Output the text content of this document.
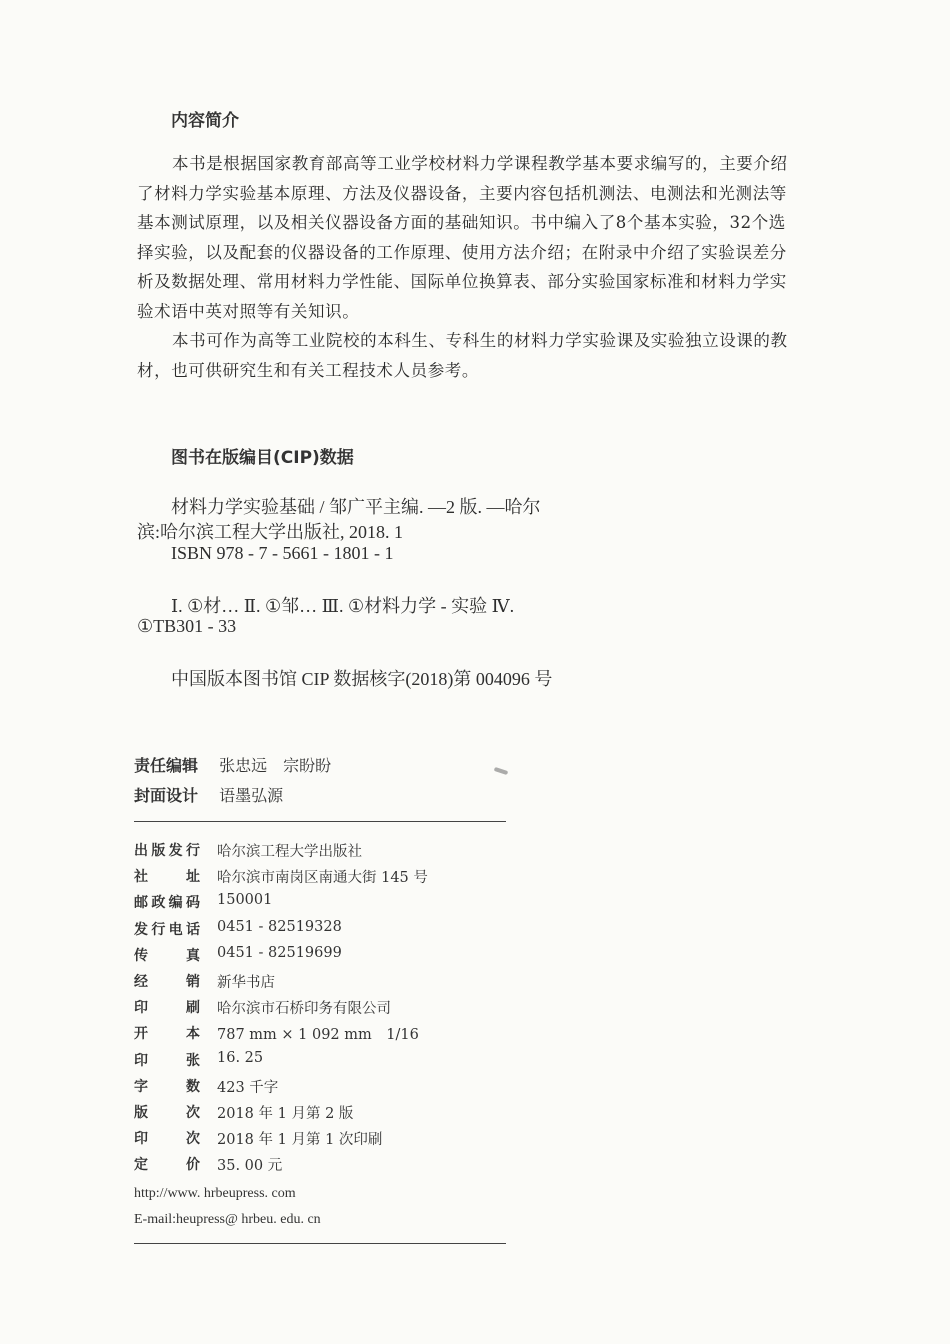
内容简介

本书是根据国家教育部高等工业学校材料力学课程教学基本要求编写的，主要介绍了材料力学实验基本原理、方法及仪器设备，主要内容包括机测法、电测法和光测法等基本测试原理，以及相关仪器设备方面的基础知识。书中编入了8个基本实验，32个选择实验，以及配套的仪器设备的工作原理、使用方法介绍；在附录中介绍了实验误差分析及数据处理、常用材料力学性能、国际单位换算表、部分实验国家标准和材料力学实验术语中英对照等有关知识。

本书可作为高等工业院校的本科生、专科生的材料力学实验课及实验独立设课的教材，也可供研究生和有关工程技术人员参考。

图书在版编目(CIP)数据
材料力学实验基础 / 邹广平主编. —2 版. —哈尔
滨:哈尔滨工程大学出版社, 2018. 1
ISBN 978 - 7 - 5661 - 1801 - 1
Ⅰ. ①材… Ⅱ. ①邹… Ⅲ. ①材料力学 - 实验 Ⅳ.
①TB301 - 33
中国版本图书馆 CIP 数据核字(2018)第 004096 号
责任编辑 张忠远　宗盼盼
封面设计 语墨弘源
出版发行 哈尔滨工程大学出版社
社址 哈尔滨市南岗区南通大街 145 号
邮政编码 150001
发行电话 0451 - 82519328
传真 0451 - 82519699
经销 新华书店
印刷 哈尔滨市石桥印务有限公司
开本 787 mm × 1 092 mm　1/16
印张 16. 25
字数 423 千字
版次 2018 年 1 月第 2 版
印次 2018 年 1 月第 1 次印刷
定价 35. 00 元
http://www. hrbeupress. com
E-mail:heupress@ hrbeu. edu. cn
